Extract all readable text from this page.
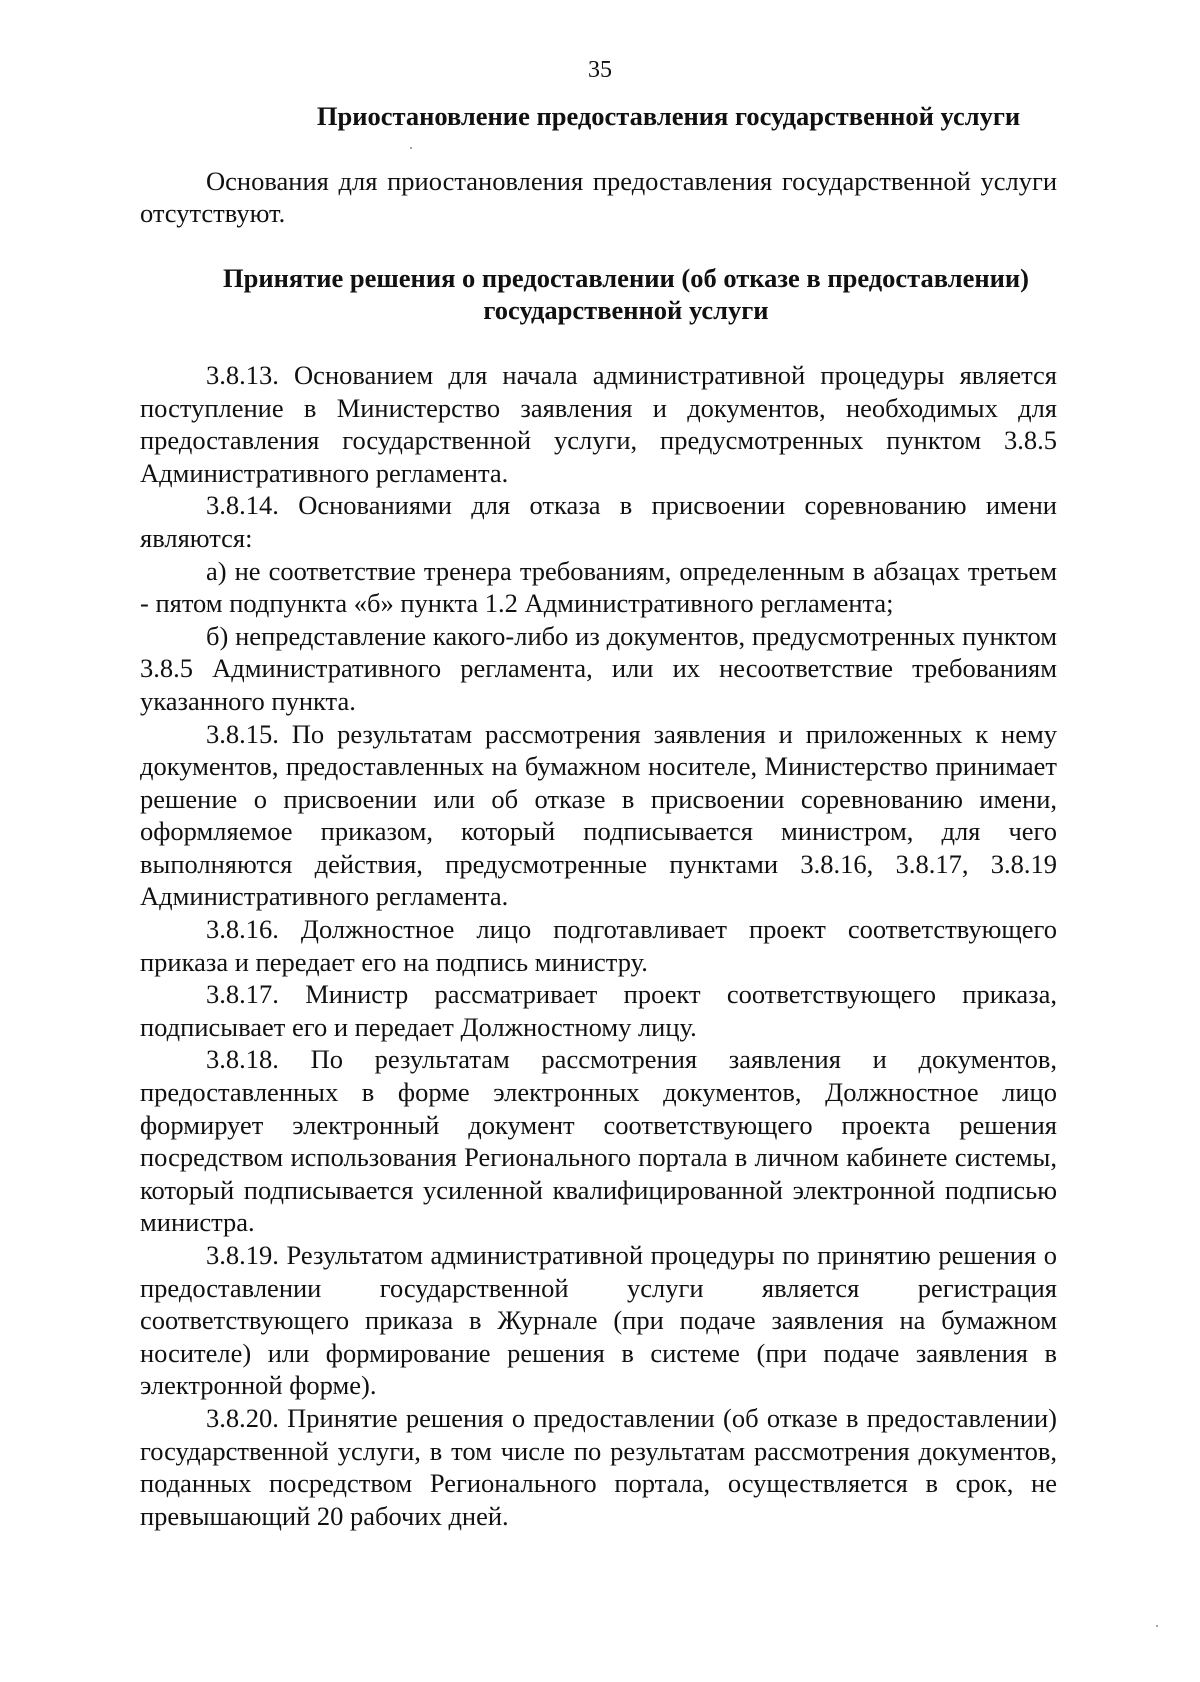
35

Приостановление предоставления государственной услуги

Основания для приостановления предоставления государственной услуги отсутствуют.

Принятие решения о предоставлении (об отказе в предоставлении) государственной услуги

3.8.13. Основанием для начала административной процедуры является поступление в Министерство заявления и документов, необходимых для предоставления государственной услуги, предусмотренных пунктом 3.8.5 Административного регламента.

3.8.14. Основаниями для отказа в присвоении соревнованию имени являются:

а) не соответствие тренера требованиям, определенным в абзацах третьем - пятом подпункта «б» пункта 1.2 Административного регламента;

б) непредставление какого-либо из документов, предусмотренных пунктом 3.8.5 Административного регламента, или их несоответствие требованиям указанного пункта.

3.8.15. По результатам рассмотрения заявления и приложенных к нему документов, предоставленных на бумажном носителе, Министерство принимает решение о присвоении или об отказе в присвоении соревнованию имени, оформляемое приказом, который подписывается министром, для чего выполняются действия, предусмотренные пунктами 3.8.16, 3.8.17, 3.8.19 Административного регламента.

3.8.16. Должностное лицо подготавливает проект соответствующего приказа и передает его на подпись министру.

3.8.17. Министр рассматривает проект соответствующего приказа, подписывает его и передает Должностному лицу.

3.8.18. По результатам рассмотрения заявления и документов, предоставленных в форме электронных документов, Должностное лицо формирует электронный документ соответствующего проекта решения посредством использования Регионального портала в личном кабинете системы, который подписывается усиленной квалифицированной электронной подписью министра.

3.8.19. Результатом административной процедуры по принятию решения о предоставлении государственной услуги является регистрация соответствующего приказа в Журнале (при подаче заявления на бумажном носителе) или формирование решения в системе (при подаче заявления в электронной форме).

3.8.20. Принятие решения о предоставлении (об отказе в предоставлении) государственной услуги, в том числе по результатам рассмотрения документов, поданных посредством Регионального портала, осуществляется в срок, не превышающий 20 рабочих дней.
